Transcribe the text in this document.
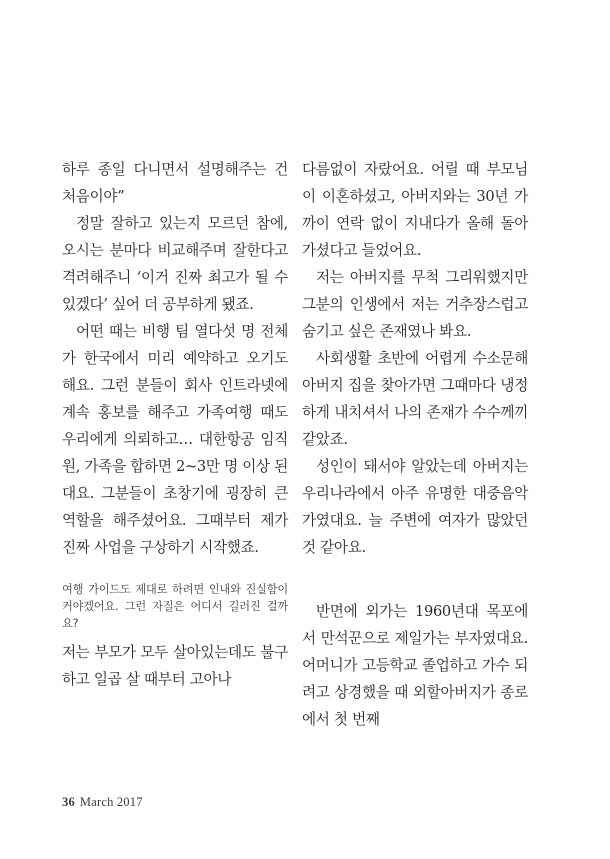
하루 종일 다니면서 설명해주는 건 처음이야”

정말 잘하고 있는지 모르던 참에, 오시는 분마다 비교해주며 잘한다고 격려해주니 ‘이거 진짜 최고가 될 수 있겠다’ 싶어 더 공부하게 됐죠.

어떤 때는 비행 팀 열다섯 명 전체가 한국에서 미리 예약하고 오기도 해요. 그런 분들이 회사 인트라넷에 계속 홍보를 해주고 가족여행 때도 우리에게 의뢰하고… 대한항공 임직원, 가족을 합하면 2~3만 명 이상 된대요. 그분들이 초창기에 굉장히 큰 역할을 해주셨어요. 그때부터 제가 진짜 사업을 구상하기 시작했죠.

여행 가이드도 제대로 하려면 인내와 진실함이 커야겠어요. 그런 자질은 어디서 길러진 걸까요?

저는 부모가 모두 살아있는데도 불구하고 일곱 살 때부터 고아나

다름없이 자랐어요. 어릴 때 부모님이 이혼하셨고, 아버지와는 30년 가까이 연락 없이 지내다가 올해 돌아가셨다고 들었어요.

저는 아버지를 무척 그리워했지만 그분의 인생에서 저는 거추장스럽고 숨기고 싶은 존재였나 봐요.

사회생활 초반에 어렵게 수소문해 아버지 집을 찾아가면 그때마다 냉정하게 내치셔서 나의 존재가 수수께끼 같았죠.

성인이 돼서야 알았는데 아버지는 우리나라에서 아주 유명한 대중음악가였대요. 늘 주변에 여자가 많았던 것 같아요.

반면에 외가는 1960년대 목포에서 만석꾼으로 제일가는 부자였대요. 어머니가 고등학교 졸업하고 가수 되려고 상경했을 때 외할아버지가 종로에서 첫 번째

36 March 2017
